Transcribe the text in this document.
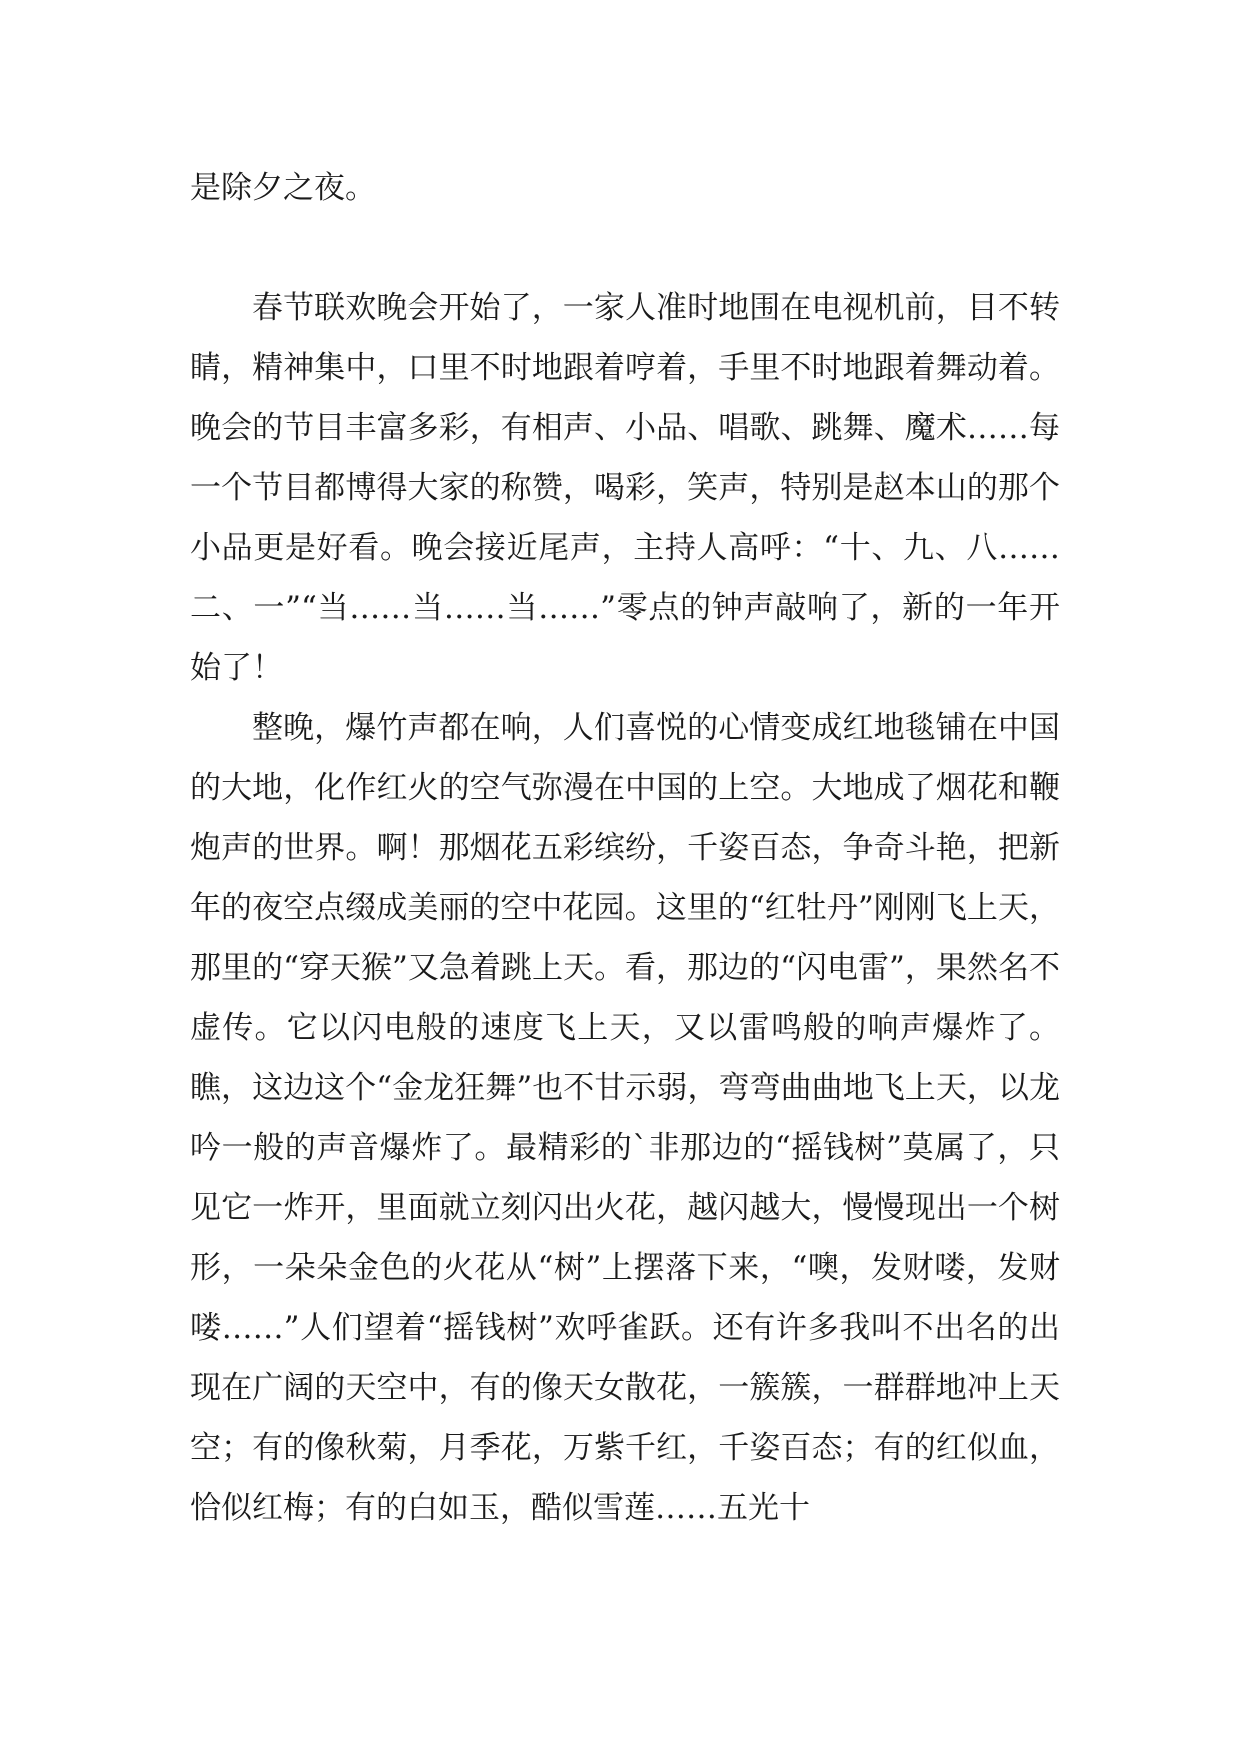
是除夕之夜。

春节联欢晚会开始了，一家人准时地围在电视机前，目不转睛，精神集中，口里不时地跟着哼着，手里不时地跟着舞动着。晚会的节目丰富多彩，有相声、小品、唱歌、跳舞、魔术……每一个节目都博得大家的称赞，喝彩，笑声，特别是赵本山的那个小品更是好看。晚会接近尾声，主持人高呼：“十、九、八……二、一”“当……当……当……”零点的钟声敲响了，新的一年开始了！

整晚，爆竹声都在响，人们喜悦的心情变成红地毯铺在中国的大地，化作红火的空气弥漫在中国的上空。大地成了烟花和鞭炮声的世界。啊！那烟花五彩缤纷，千姿百态，争奇斗艳，把新年的夜空点缀成美丽的空中花园。这里的“红牡丹”刚刚飞上天，那里的“穿天猴”又急着跳上天。看，那边的“闪电雷”，果然名不虚传。它以闪电般的速度飞上天，又以雷鸣般的响声爆炸了。瞧，这边这个“金龙狂舞”也不甘示弱，弯弯曲曲地飞上天，以龙吟一般的声音爆炸了。最精彩的`非那边的“摇钱树”莫属了，只见它一炸开，里面就立刻闪出火花，越闪越大，慢慢现出一个树形，一朵朵金色的火花从“树”上摆落下来，“噢，发财喽，发财喽……”人们望着“摇钱树”欢呼雀跃。还有许多我叫不出名的出现在广阔的天空中，有的像天女散花，一簇簇，一群群地冲上天空；有的像秋菊，月季花，万紫千红，千姿百态；有的红似血，恰似红梅；有的白如玉，酷似雪莲……五光十
